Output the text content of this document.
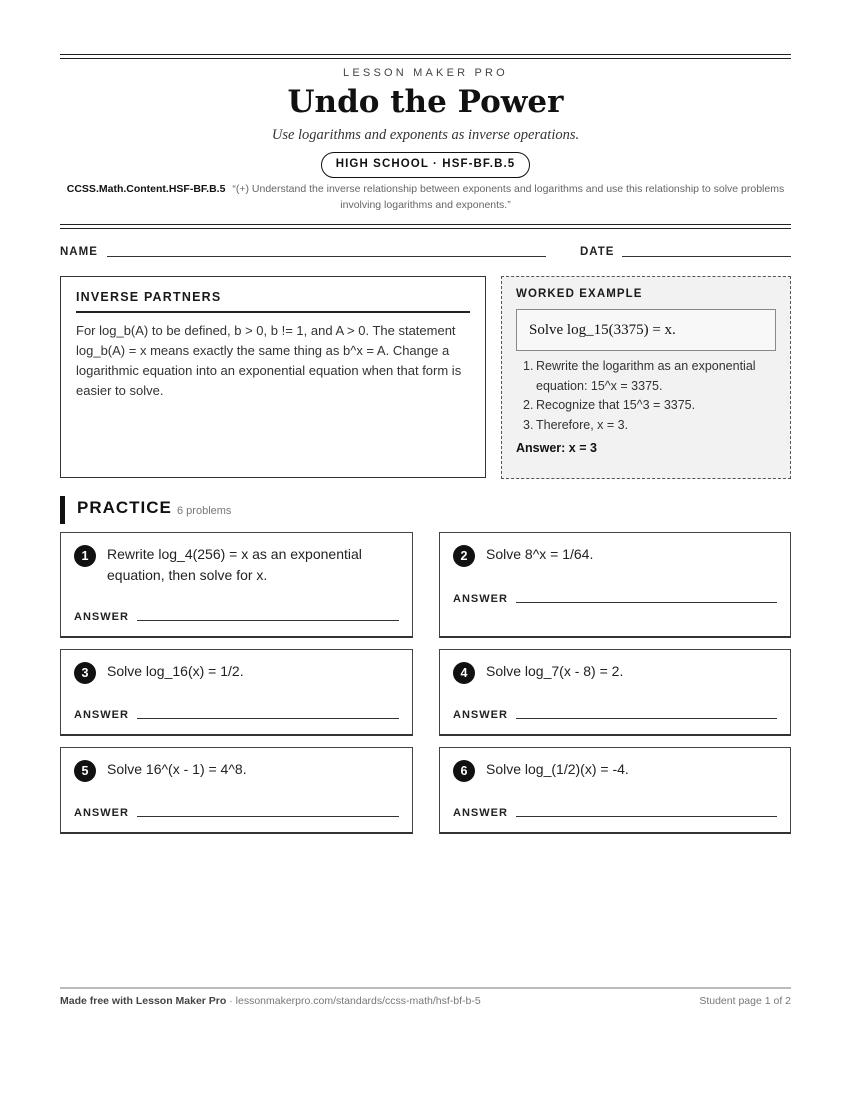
LESSON MAKER PRO
Undo the Power
Use logarithms and exponents as inverse operations.
HIGH SCHOOL · HSF-BF.B.5
CCSS.Math.Content.HSF-BF.B.5 “(+) Understand the inverse relationship between exponents and logarithms and use this relationship to solve problems involving logarithms and exponents.”
NAME	DATE
INVERSE PARTNERS
For log_b(A) to be defined, b > 0, b != 1, and A > 0. The statement log_b(A) = x means exactly the same thing as b^x = A. Change a logarithmic equation into an exponential equation when that form is easier to solve.
WORKED EXAMPLE
Solve log_15(3375) = x.
1. Rewrite the logarithm as an exponential equation: 15^x = 3375.
2. Recognize that 15^3 = 3375.
3. Therefore, x = 3.
Answer: x = 3
PRACTICE 6 problems
1	Rewrite log_4(256) = x as an exponential equation, then solve for x.
ANSWER
2	Solve 8^x = 1/64.
ANSWER
3	Solve log_16(x) = 1/2.
ANSWER
4	Solve log_7(x - 8) = 2.
ANSWER
5	Solve 16^(x - 1) = 4^8.
ANSWER
6	Solve log_(1/2)(x) = -4.
ANSWER
Made free with Lesson Maker Pro · lessonmakerpro.com/standards/ccss-math/hsf-bf-b-5	Student page 1 of 2
